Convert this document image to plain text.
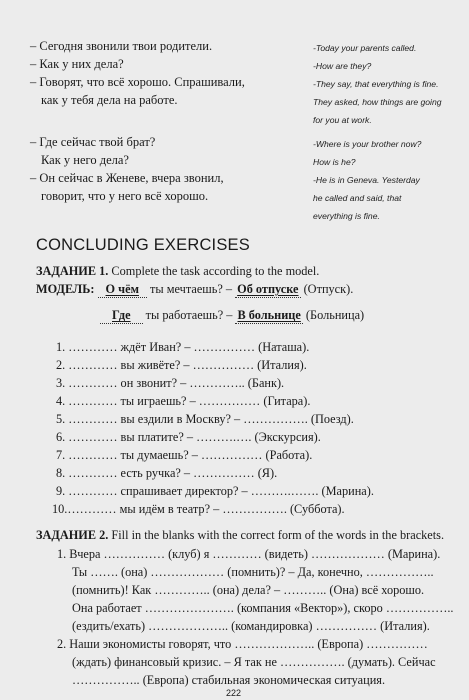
– Сегодня звонили твои родители.
– Как у них дела?
– Говорят, что всё хорошо. Спрашивали,
как у тебя дела на работе.
-Today your parents called.
-How are they?
-They say, that everything is fine.
They asked, how things are going
for you at work.
– Где сейчас твой брат?
Как у него дела?
– Он сейчас в Женеве, вчера звонил,
говорит, что у него всё хорошо.
-Where is your brother now?
How is he?
-He is in Geneva. Yesterday
he called and said, that
everything is fine.
CONCLUDING EXERCISES
ЗАДАНИЕ 1. Complete the task according to the model.
МОДЕЛЬ: О чём ты мечтаешь? – Об отпуске (Отпуск).
Где ты работаешь? – В больнице (Больница)
1. ………… ждёт Иван? – …………… (Наташа).
2. ………… вы живёте? – …………… (Италия).
3. ………… он звонит? – ………….. (Банк).
4. ………… ты играешь? – …………… (Гитара).
5. ………… вы ездили в Москву? – ……………. (Поезд).
6. ………… вы платите? – ……….…. (Экскурсия).
7. ………… ты думаешь? – …………… (Работа).
8. ………… есть ручка? – …………… (Я).
9. ………… спрашивает директор? – ……….……. (Марина).
10.………… мы идём в театр? – ……………. (Суббота).
ЗАДАНИЕ 2. Fill in the blanks with the correct form of the words in the brackets.
1. Вчера …………… (клуб) я ………… (видеть) ……………… (Марина).
Ты ……. (она) ……………… (помнить)? – Да, конечно, ……………..
(помнить)! Как ………….. (она) дела? – ……….. (Она) всё хорошо.
Она работает …………………. (компания «Вектор»), скоро ……………..
(ездить/ехать) ……………….. (командировка) …………… (Италия).
2. Наши экономисты говорят, что ……………….. (Европа) ……………
(ждать) финансовый кризис. – Я так не ……………. (думать). Сейчас
…………….. (Европа) стабильная экономическая ситуация.
222
